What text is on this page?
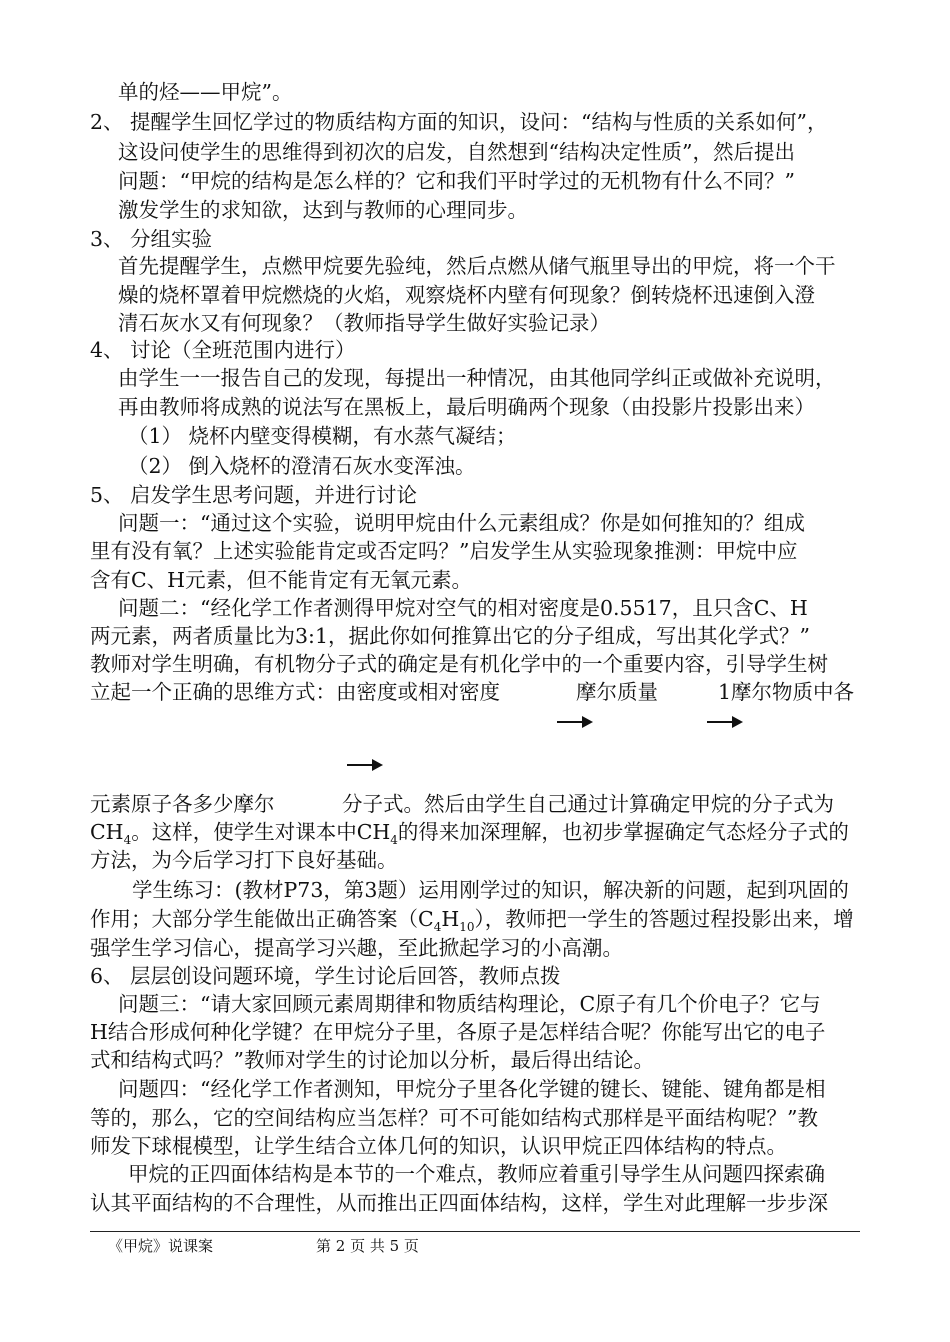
单的烃——甲烷”。

2、 提醒学生回忆学过的物质结构方面的知识，设问：“结构与性质的关系如何”，

这设问使学生的思维得到初次的启发，自然想到“结构决定性质”，然后提出

问题：“甲烷的结构是怎么样的？它和我们平时学过的无机物有什么不同？”

激发学生的求知欲，达到与教师的心理同步。

3、 分组实验

首先提醒学生，点燃甲烷要先验纯，然后点燃从储气瓶里导出的甲烷，将一个干

燥的烧杯罩着甲烷燃烧的火焰，观察烧杯内壁有何现象？倒转烧杯迅速倒入澄

清石灰水又有何现象？（教师指导学生做好实验记录）

4、 讨论（全班范围内进行）

由学生一一报告自己的发现，每提出一种情况，由其他同学纠正或做补充说明，

再由教师将成熟的说法写在黑板上，最后明确两个现象（由投影片投影出来）

（1） 烧杯内壁变得模糊，有水蒸气凝结；

（2） 倒入烧杯的澄清石灰水变浑浊。

5、 启发学生思考问题，并进行讨论

问题一：“通过这个实验，说明甲烷由什么元素组成？你是如何推知的？组成

里有没有氧？上述实验能肯定或否定吗？”启发学生从实验现象推测：甲烷中应

含有C、H元素，但不能肯定有无氧元素。

问题二：“经化学工作者测得甲烷对空气的相对密度是0.5517，且只含C、H

两元素，两者质量比为3:1，据此你如何推算出它的分子组成，写出其化学式？”

教师对学生明确，有机物分子式的确定是有机化学中的一个重要内容，引导学生树

立起一个正确的思维方式：由密度或相对密度	摩尔质量	1摩尔物质中各

元素原子各多少摩尔	分子式。然后由学生自己通过计算确定甲烷的分子式为

$CH_4$。这样，使学生对课本中$CH_4$的得来加深理解，也初步掌握确定气态烃分子式的

方法，为今后学习打下良好基础。

学生练习：(教材P73，第3题）运用刚学过的知识，解决新的问题，起到巩固的

作用；大部分学生能做出正确答案$(C_4H_{10})$，教师把一学生的答题过程投影出来，增

强学生学习信心，提高学习兴趣，至此掀起学习的小高潮。

6、 层层创设问题环境，学生讨论后回答，教师点拨

问题三：“请大家回顾元素周期律和物质结构理论，C原子有几个价电子？它与

H结合形成何种化学键？在甲烷分子里，各原子是怎样结合呢？你能写出它的电子

式和结构式吗？”教师对学生的讨论加以分析，最后得出结论。

问题四：“经化学工作者测知，甲烷分子里各化学键的键长、键能、键角都是相

等的，那么，它的空间结构应当怎样？可不可能如结构式那样是平面结构呢？”教

师发下球棍模型，让学生结合立体几何的知识，认识甲烷正四体结构的特点。

甲烷的正四面体结构是本节的一个难点，教师应着重引导学生从问题四探索确

认其平面结构的不合理性，从而推出正四面体结构，这样，学生对此理解一步步深

《甲烷》说课案	第 2 页 共 5 页
